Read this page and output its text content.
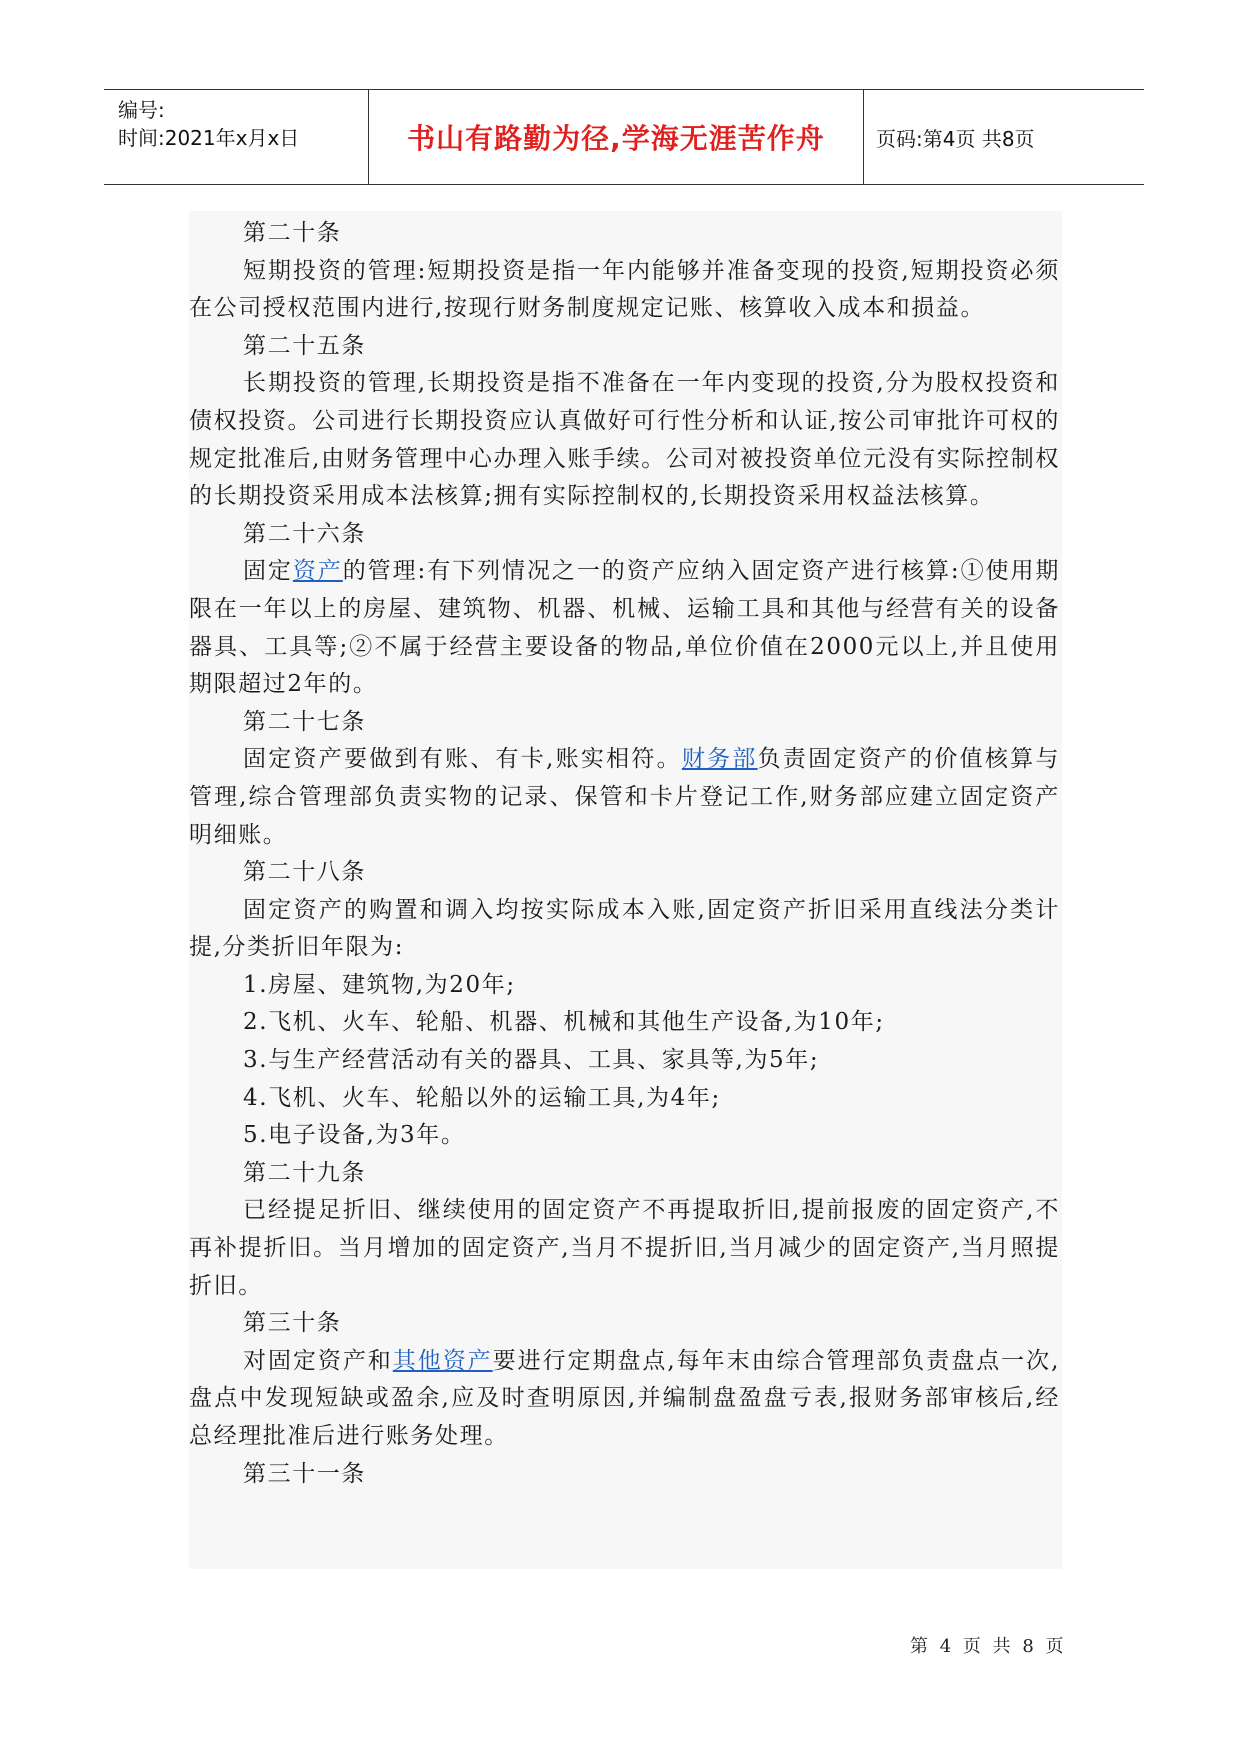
编号:
时间:2021年x月x日	书山有路勤为径,学海无涯苦作舟	页码:第4页 共8页

第二十条

短期投资的管理:短期投资是指一年内能够并准备变现的投资,短期投资必须在公司授权范围内进行,按现行财务制度规定记账、核算收入成本和损益。

第二十五条

长期投资的管理,长期投资是指不准备在一年内变现的投资,分为股权投资和债权投资。公司进行长期投资应认真做好可行性分析和认证,按公司审批许可权的规定批准后,由财务管理中心办理入账手续。公司对被投资单位元没有实际控制权的长期投资采用成本法核算;拥有实际控制权的,长期投资采用权益法核算。

第二十六条

固定资产的管理:有下列情况之一的资产应纳入固定资产进行核算:①使用期限在一年以上的房屋、建筑物、机器、机械、运输工具和其他与经营有关的设备器具、工具等;②不属于经营主要设备的物品,单位价值在2000元以上,并且使用期限超过2年的。

第二十七条

固定资产要做到有账、有卡,账实相符。财务部负责固定资产的价值核算与管理,综合管理部负责实物的记录、保管和卡片登记工作,财务部应建立固定资产明细账。

第二十八条

固定资产的购置和调入均按实际成本入账,固定资产折旧采用直线法分类计提,分类折旧年限为:

1.房屋、建筑物,为20年;

2.飞机、火车、轮船、机器、机械和其他生产设备,为10年;

3.与生产经营活动有关的器具、工具、家具等,为5年;

4.飞机、火车、轮船以外的运输工具,为4年;

5.电子设备,为3年。

第二十九条

已经提足折旧、继续使用的固定资产不再提取折旧,提前报废的固定资产,不再补提折旧。当月增加的固定资产,当月不提折旧,当月减少的固定资产,当月照提折旧。

第三十条

对固定资产和其他资产要进行定期盘点,每年末由综合管理部负责盘点一次,盘点中发现短缺或盈余,应及时查明原因,并编制盘盈盘亏表,报财务部审核后,经总经理批准后进行账务处理。

第三十一条

第 4 页 共 8 页
